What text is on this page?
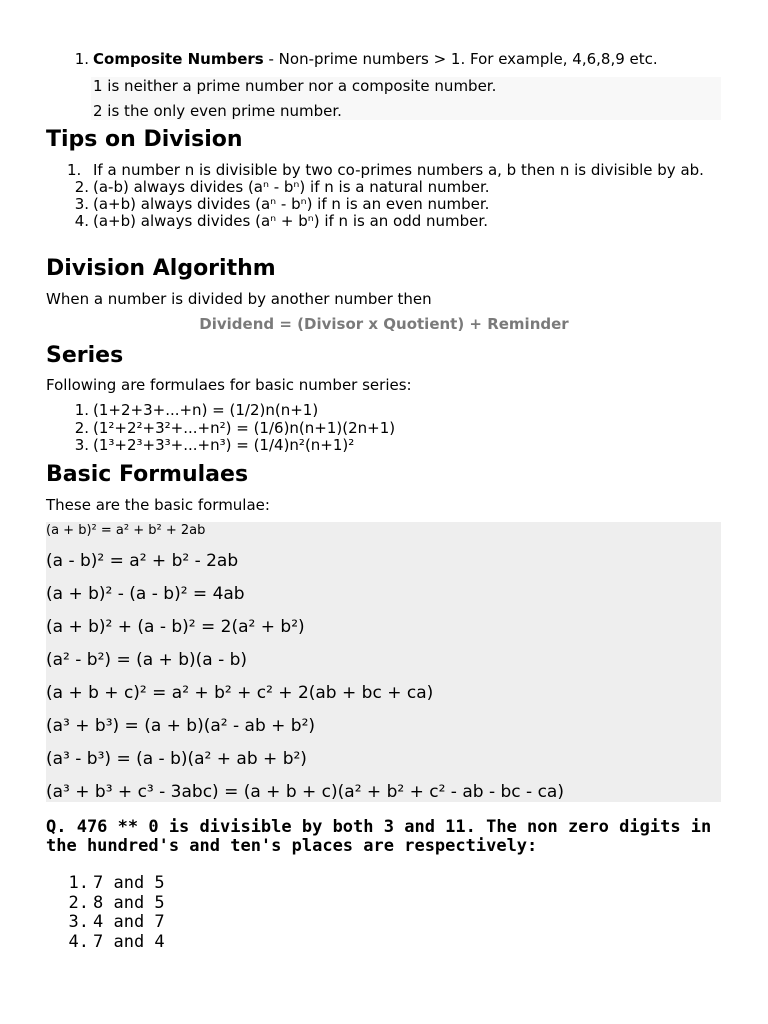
1. Composite Numbers - Non-prime numbers > 1. For example, 4,6,8,9 etc.
1 is neither a prime number nor a composite number.
2 is the only even prime number.
Tips on Division
1. If a number n is divisible by two co-primes numbers a, b then n is divisible by ab.
2. (a-b) always divides (aⁿ - bⁿ) if n is a natural number.
3. (a+b) always divides (aⁿ - bⁿ) if n is an even number.
4. (a+b) always divides (aⁿ + bⁿ) if n is an odd number.
Division Algorithm

When a number is divided by another number then

Dividend = (Divisor x Quotient) + Reminder
Series

Following are formulaes for basic number series:

1. (1+2+3+...+n) = (1/2)n(n+1)
2. (1²+2²+3²+...+n²) = (1/6)n(n+1)(2n+1)
3. (1³+2³+3³+...+n³) = (1/4)n²(n+1)²
Basic Formulaes

These are the basic formulae:

(a + b)² = a² + b² + 2ab
(a - b)² = a² + b² - 2ab
(a + b)² - (a - b)² = 4ab
(a + b)² + (a - b)² = 2(a² + b²)
(a² - b²) = (a + b)(a - b)
(a + b + c)² = a² + b² + c² + 2(ab + bc + ca)
(a³ + b³) = (a + b)(a² - ab + b²)
(a³ - b³) = (a - b)(a² + ab + b²)
(a³ + b³ + c³ - 3abc) = (a + b + c)(a² + b² + c² - ab - bc - ca)
Q. 476 ** 0 is divisible by both 3 and 11. The non zero digits in the hundred's and ten's places are respectively:
1. 7 and 5
2. 8 and 5
3. 4 and 7
4. 7 and 4
